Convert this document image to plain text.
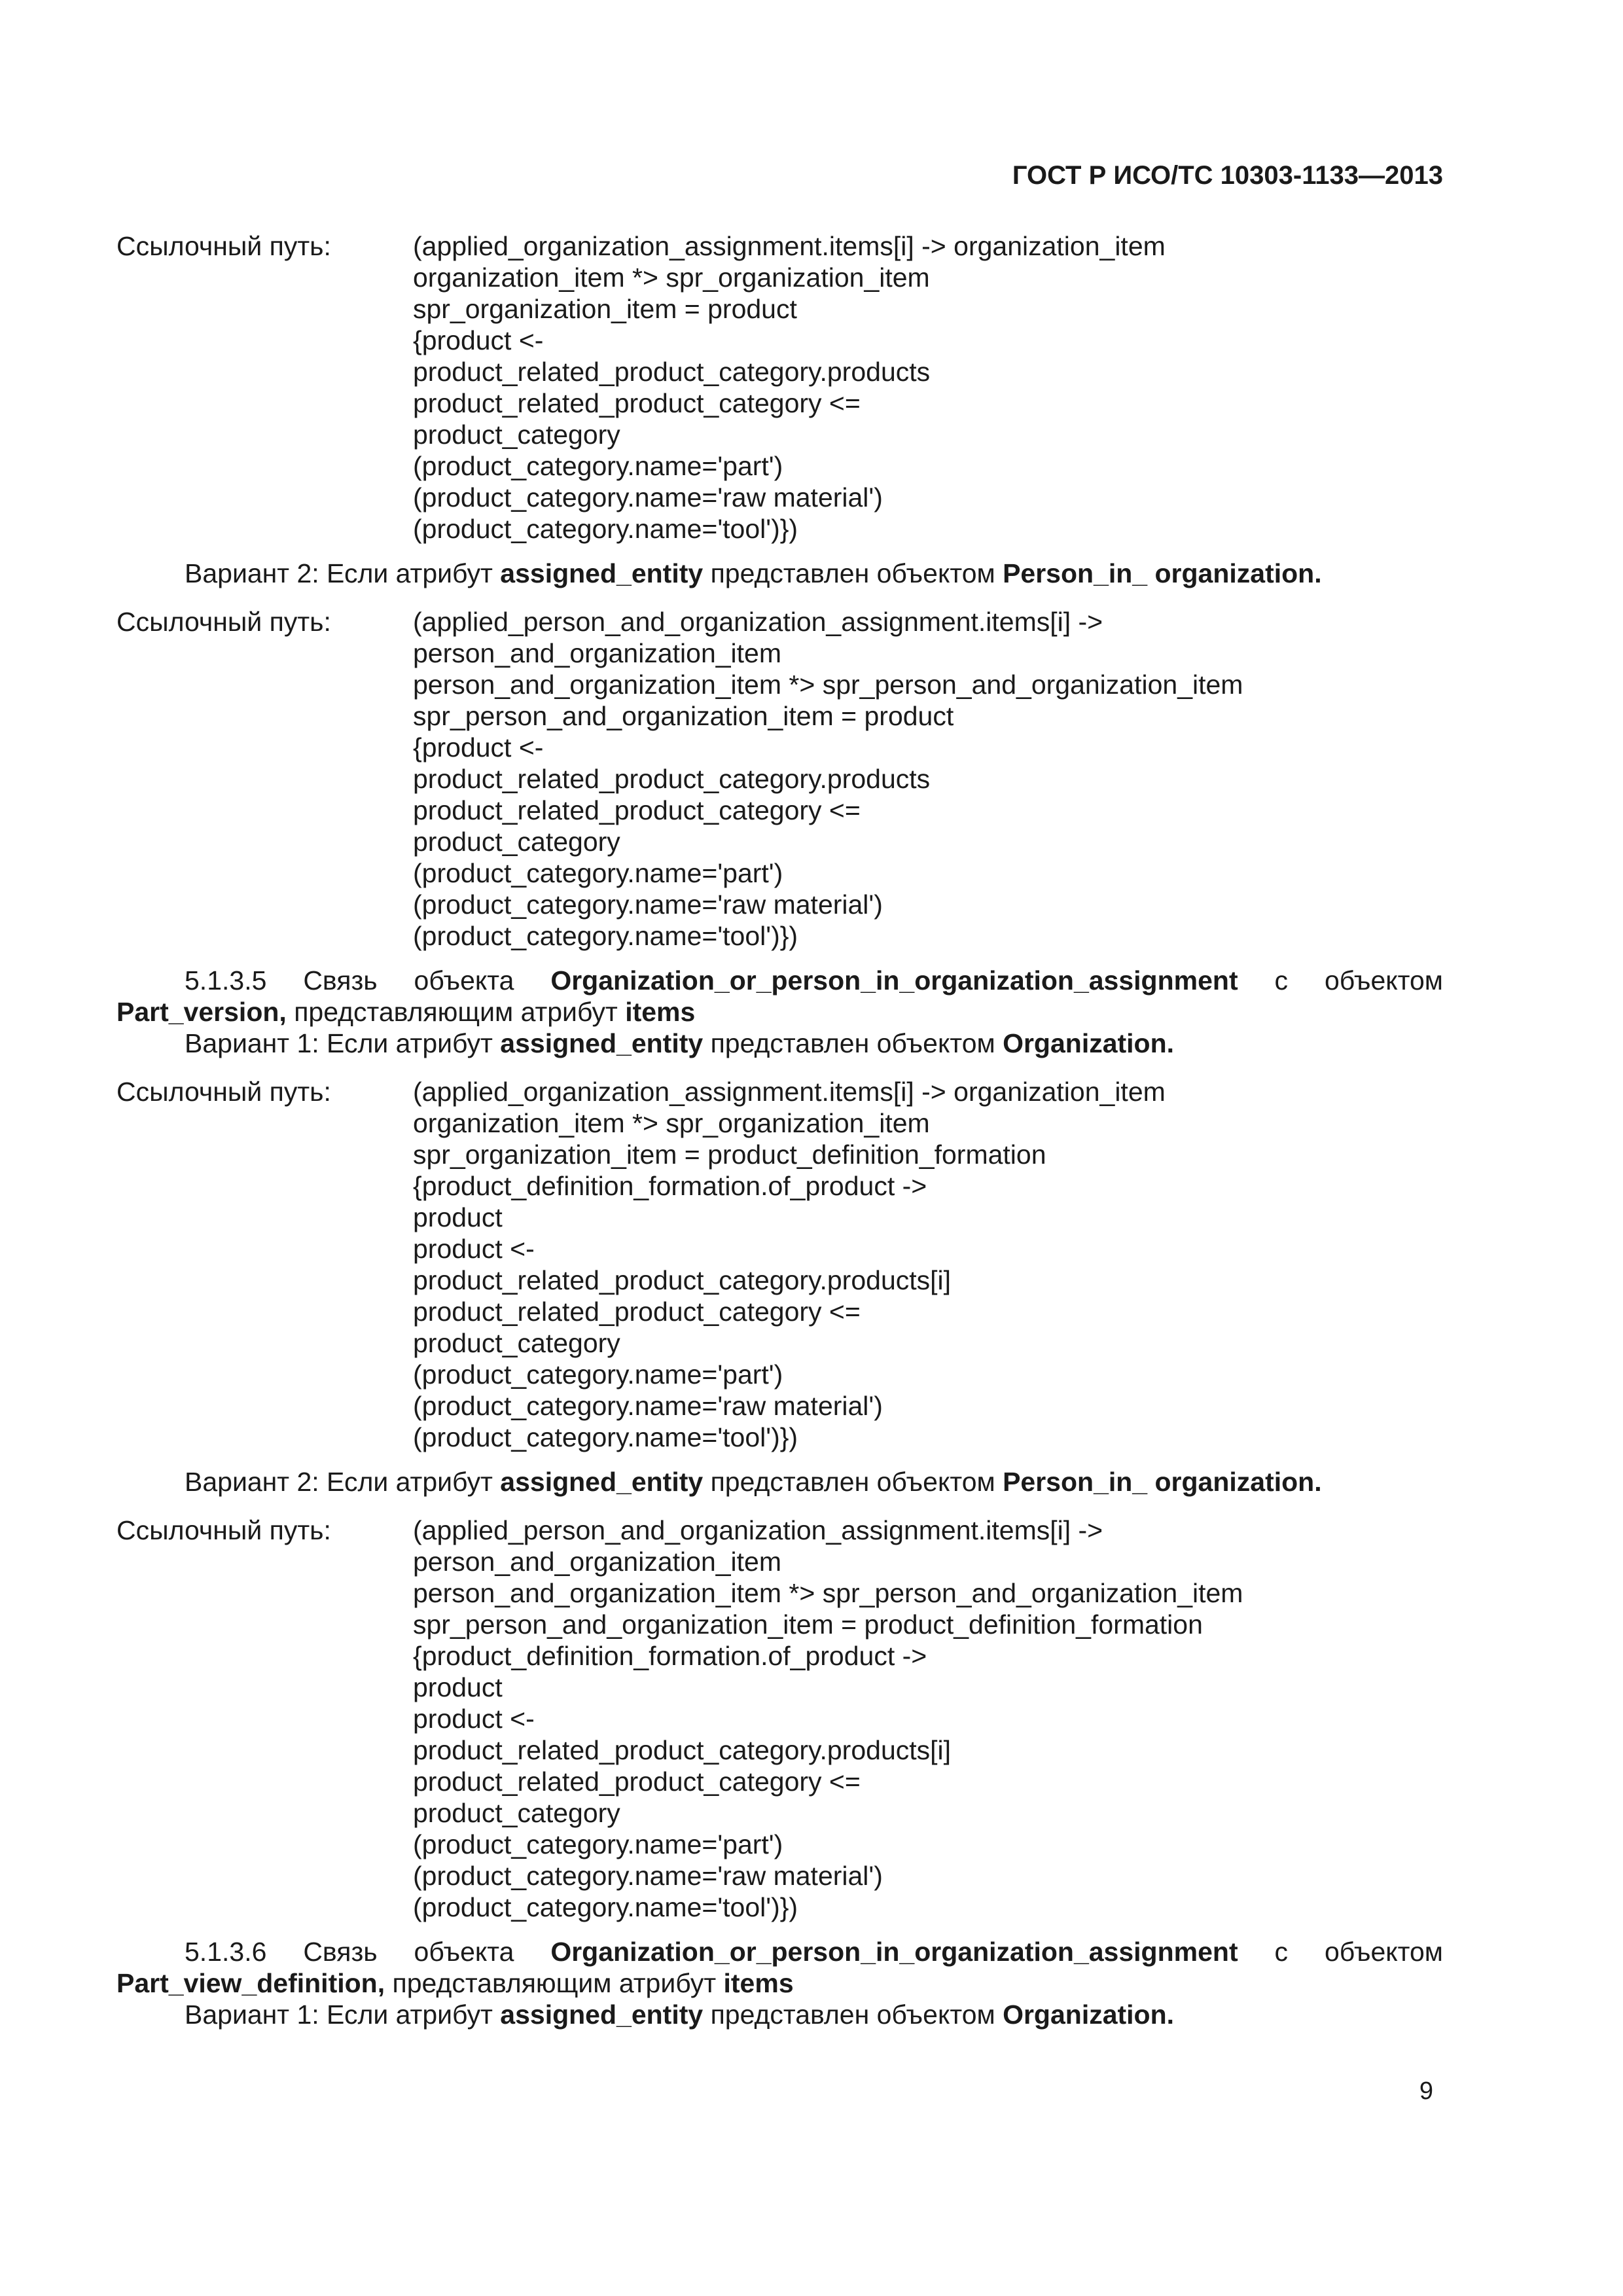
ГОСТ Р ИСО/ТС 10303-1133—2013
Ссылочный путь:	(applied_organization_assignment.items[i] -> organization_item
organization_item *> spr_organization_item
spr_organization_item = product
{product <-
product_related_product_category.products
product_related_product_category <=
product_category
(product_category.name='part')
(product_category.name='raw material')
(product_category.name='tool')})
Вариант 2: Если атрибут assigned_entity представлен объектом Person_in_ organization.
Ссылочный путь:	(applied_person_and_organization_assignment.items[i] ->
person_and_organization_item
person_and_organization_item *> spr_person_and_organization_item
spr_person_and_organization_item = product
{product <-
product_related_product_category.products
product_related_product_category <=
product_category
(product_category.name='part')
(product_category.name='raw material')
(product_category.name='tool')})
5.1.3.5 Связь объекта Organization_or_person_in_organization_assignment с объектом
Part_version, представляющим атрибут items
Вариант 1: Если атрибут assigned_entity представлен объектом Organization.
Ссылочный путь:	(applied_organization_assignment.items[i] -> organization_item
organization_item *> spr_organization_item
spr_organization_item = product_definition_formation
{product_definition_formation.of_product ->
product
product <-
product_related_product_category.products[i]
product_related_product_category <=
product_category
(product_category.name='part')
(product_category.name='raw material')
(product_category.name='tool')})
Вариант 2: Если атрибут assigned_entity представлен объектом Person_in_ organization.
Ссылочный путь:	(applied_person_and_organization_assignment.items[i] ->
person_and_organization_item
person_and_organization_item *> spr_person_and_organization_item
spr_person_and_organization_item = product_definition_formation
{product_definition_formation.of_product ->
product
product <-
product_related_product_category.products[i]
product_related_product_category <=
product_category
(product_category.name='part')
(product_category.name='raw material')
(product_category.name='tool')})
5.1.3.6 Связь объекта Organization_or_person_in_organization_assignment с объектом
Part_view_definition, представляющим атрибут items
Вариант 1: Если атрибут assigned_entity представлен объектом Organization.
9
